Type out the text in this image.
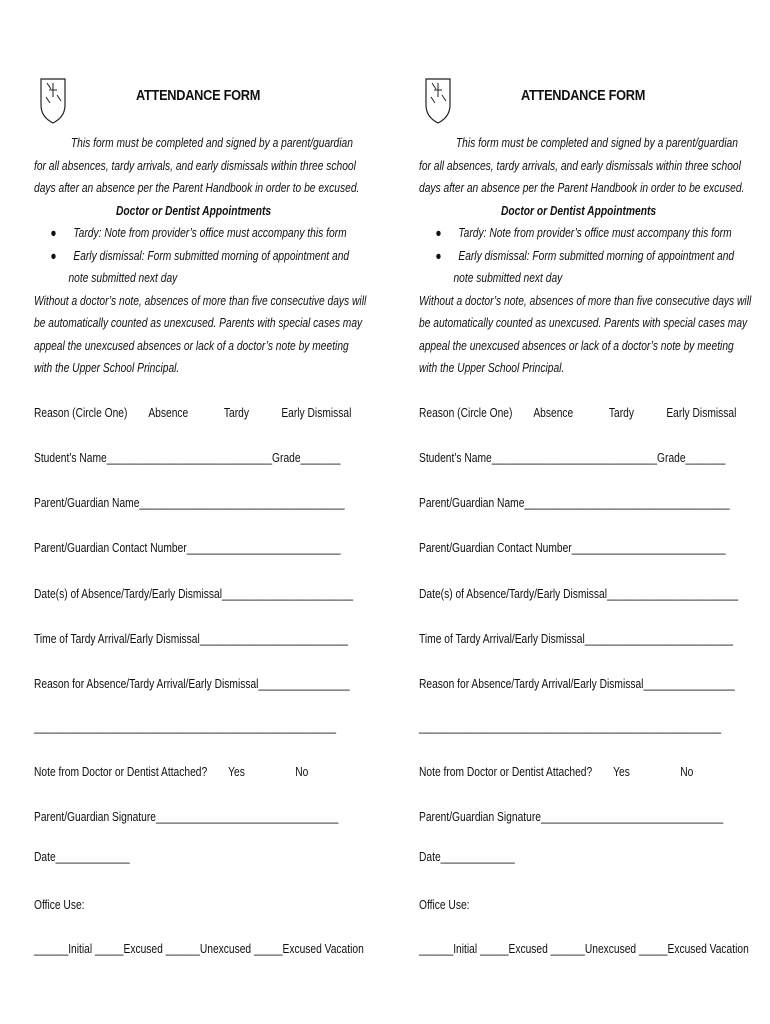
ATTENDANCE FORM
This form must be completed and signed by a parent/guardian
for all absences, tardy arrivals, and early dismissals within three school
days after an absence per the Parent Handbook in order to be excused.
Doctor or Dentist Appointments
● Tardy: Note from provider’s office must accompany this form
● Early dismissal: Form submitted morning of appointment and
note submitted next day
Without a doctor’s note, absences of more than five consecutive days will
be automatically counted as unexcused. Parents with special cases may
appeal the unexcused absences or lack of a doctor’s note by meeting
with the Upper School Principal.
Reason (Circle One) Absence	Tardy	Early Dismissal
Student’s Name_____________________________Grade_______
Parent/Guardian Name____________________________________
Parent/Guardian Contact Number___________________________
Date(s) of Absence/Tardy/Early Dismissal_______________________
Time of Tardy Arrival/Early Dismissal__________________________
Reason for Absence/Tardy Arrival/Early Dismissal________________
_____________________________________________________
Note from Doctor or Dentist Attached? Yes	No
Parent/Guardian Signature________________________________
Date_____________
Office Use:
______Initial _____Excused ______Unexcused _____Excused Vacation
ATTENDANCE FORM
This form must be completed and signed by a parent/guardian
for all absences, tardy arrivals, and early dismissals within three school
days after an absence per the Parent Handbook in order to be excused.
Doctor or Dentist Appointments
● Tardy: Note from provider’s office must accompany this form
● Early dismissal: Form submitted morning of appointment and
note submitted next day
Without a doctor’s note, absences of more than five consecutive days will
be automatically counted as unexcused. Parents with special cases may
appeal the unexcused absences or lack of a doctor’s note by meeting
with the Upper School Principal.
Reason (Circle One) Absence	Tardy	Early Dismissal
Student’s Name_____________________________Grade_______
Parent/Guardian Name____________________________________
Parent/Guardian Contact Number___________________________
Date(s) of Absence/Tardy/Early Dismissal_______________________
Time of Tardy Arrival/Early Dismissal__________________________
Reason for Absence/Tardy Arrival/Early Dismissal________________
_____________________________________________________
Note from Doctor or Dentist Attached? Yes	No
Parent/Guardian Signature________________________________
Date_____________
Office Use:
______Initial _____Excused ______Unexcused _____Excused Vacation
